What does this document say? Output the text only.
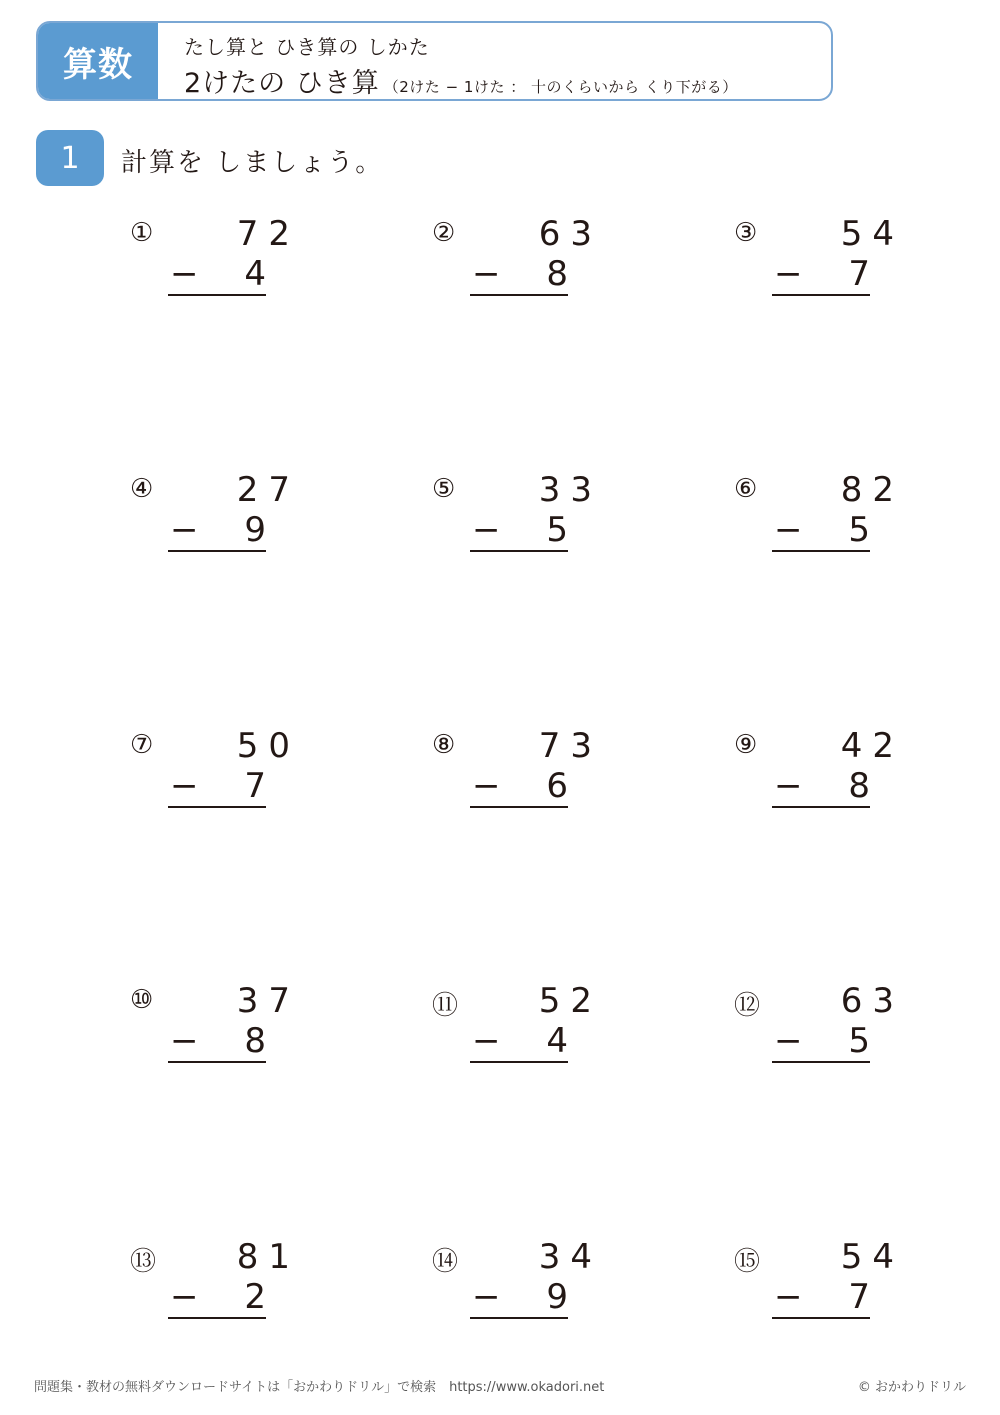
算数	たし算と ひき算の しかた
2けたの ひき算 （2けた − 1けた ： 十のくらいから くり下がる）
1	計算を しましょう。
①	72
− 4
②	63
− 8
③	54
− 7
④	27
− 9
⑤	33
− 5
⑥	82
− 5
⑦	50
− 7
⑧	73
− 6
⑨	42
− 8
⑩	37
− 8
⑪	52
− 4
⑫	63
− 5
⑬	81
− 2
⑭	34
− 9
⑮	54
− 7
問題集・教材の無料ダウンロードサイトは「おかわりドリル」で検索　https://www.okadori.net	© おかわりドリル
